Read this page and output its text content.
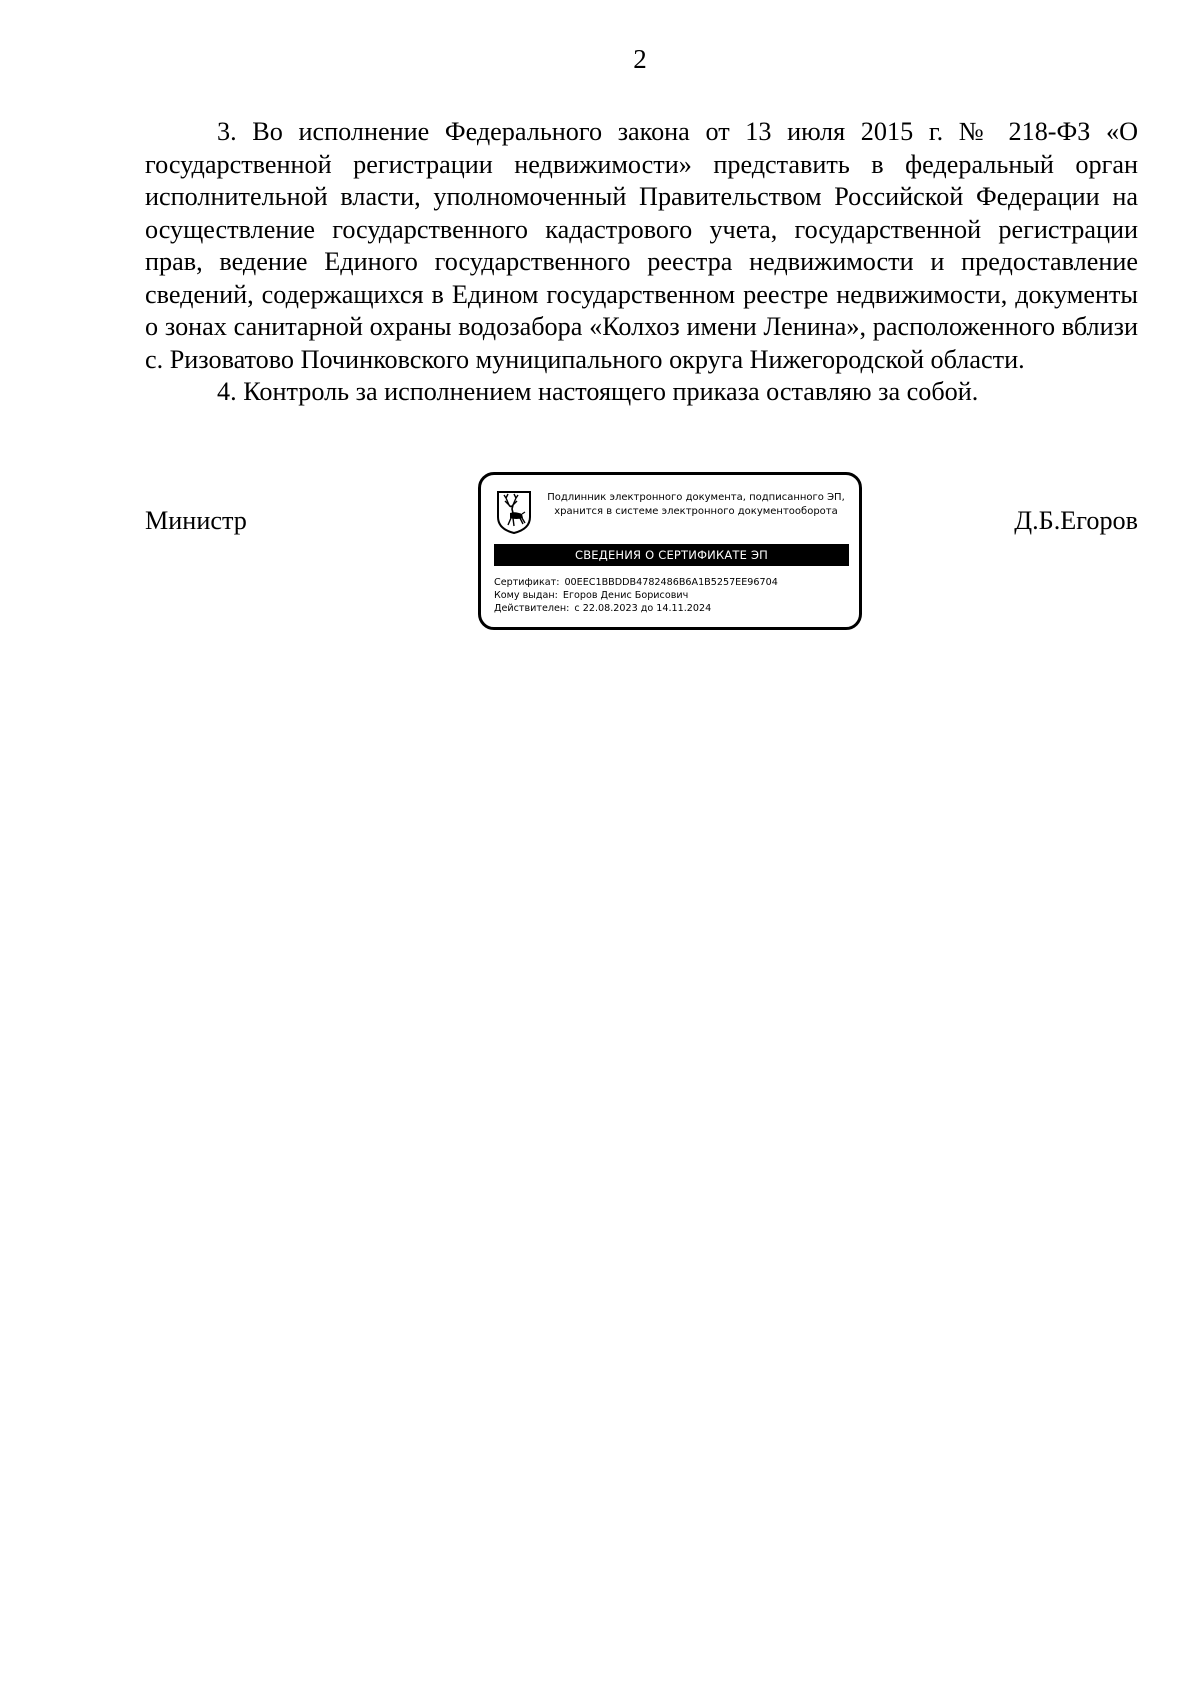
2

3. Во исполнение Федерального закона от 13 июля 2015 г. № 218-ФЗ «О государственной регистрации недвижимости» представить в федеральный орган исполнительной власти, уполномоченный Правительством Российской Федерации на осуществление государственного кадастрового учета, государственной регистрации прав, ведение Единого государственного реестра недвижимости и предоставление сведений, содержащихся в Едином государственном реестре недвижимости, документы о зонах санитарной охраны водозабора «Колхоз имени Ленина», расположенного вблизи с. Ризоватово Починковского муниципального округа Нижегородской области.

4. Контроль за исполнением настоящего приказа оставляю за собой.

Министр	Д.Б.Егоров
Подлинник электронного документа, подписанного ЭП,
хранится в системе электронного документооборота
СВЕДЕНИЯ О СЕРТИФИКАТЕ ЭП
Сертификат: 00EEC1BBDDB4782486B6A1B5257EE96704
Кому выдан: Егоров Денис Борисович
Действителен: с 22.08.2023 до 14.11.2024
